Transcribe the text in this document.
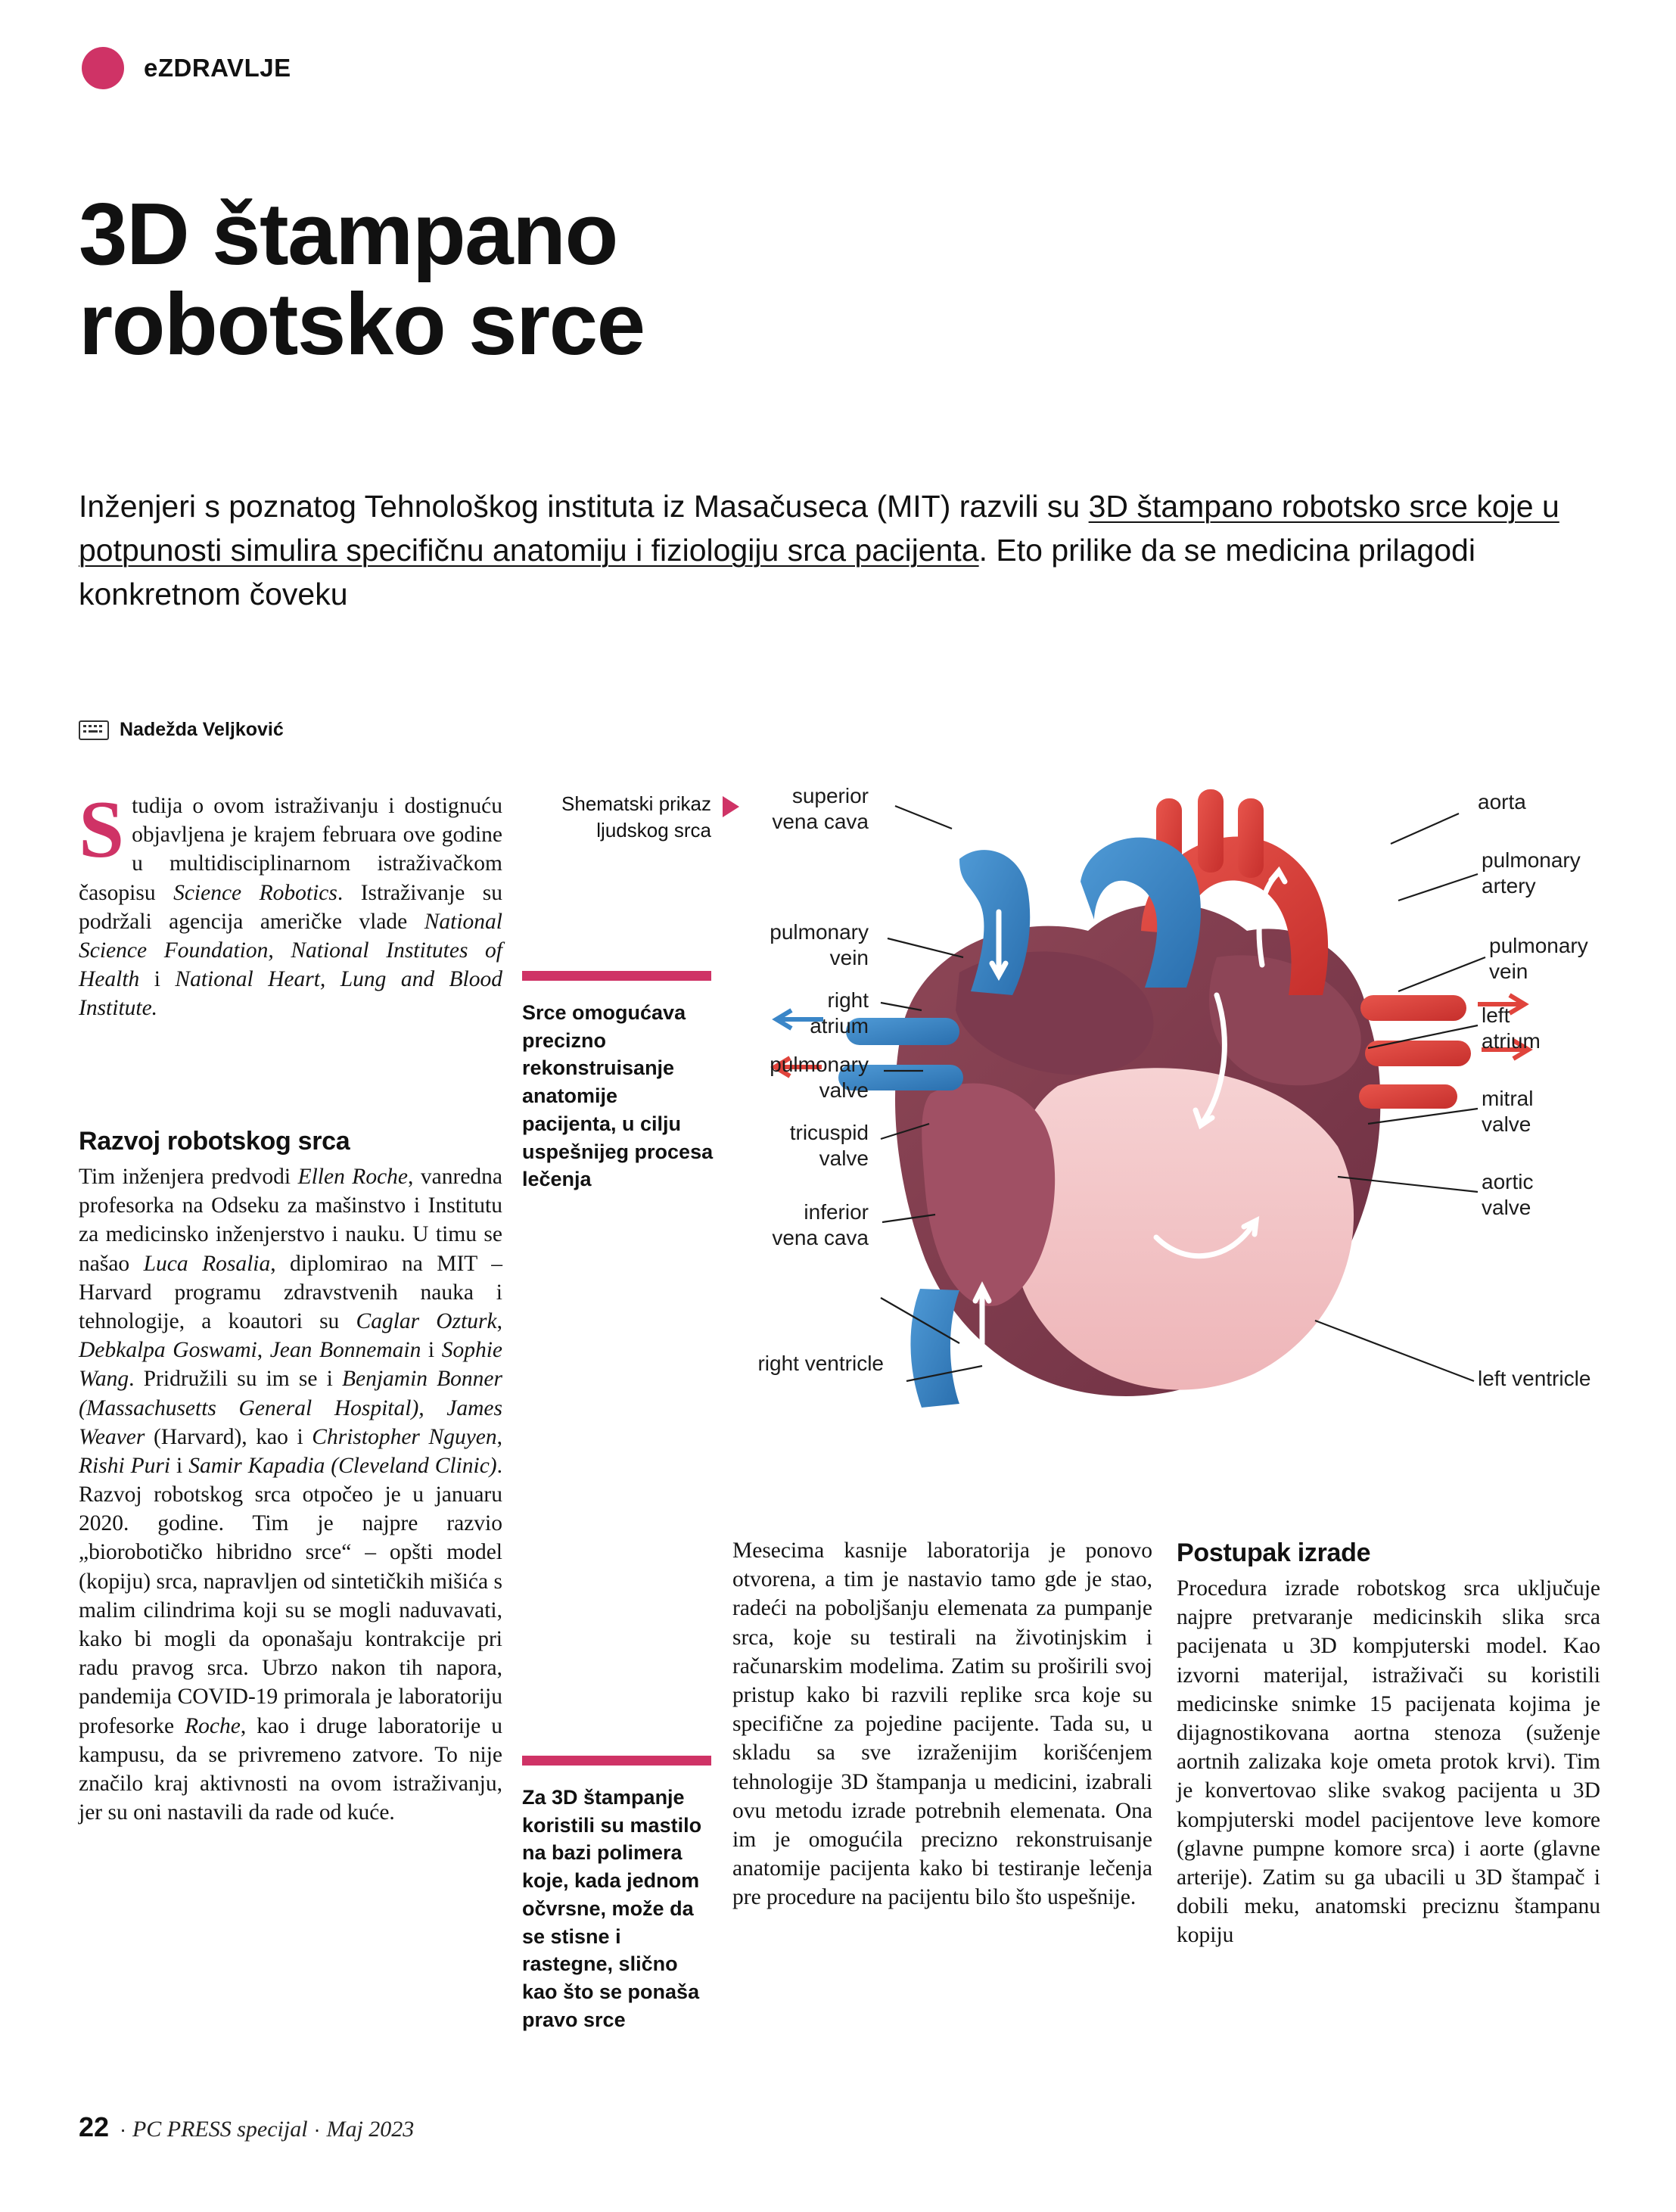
eZDRAVLJE
3D štampano
robotsko srce
Inženjeri s poznatog Tehnološkog instituta iz Masačuseca (MIT) razvili su 3D štampano robotsko srce koje u potpunosti simulira specifičnu anatomiju i fiziologiju srca pacijenta. Eto prilike da se medicina prilagodi konkretnom čoveku
Nadežda Veljković
S tudija o ovom istraživanju i dostignuću objavljena je krajem februara ove godine u multidisciplinarnom istraživačkom časopisu Science Robotics. Istraživanje su podržali agencija američke vlade National Science Foundation, National Institutes of Health i National Heart, Lung and Blood Institute.

Razvoj robotskog srca

Tim inženjera predvodi Ellen Roche, vanredna profesorka na Odseku za mašinstvo i Institutu za medicinsko inženjerstvo i nauku. U timu se našao Luca Rosalia, diplomirao na MIT – Harvard programu zdravstvenih nauka i tehnologije, a koautori su Caglar Ozturk, Debkalpa Goswami, Jean Bonnemain i Sophie Wang. Pridružili su im se i Benjamin Bonner (Massachusetts General Hospital), James Weaver (Harvard), kao i Christopher Nguyen, Rishi Puri i Samir Kapadia (Cleveland Clinic). Razvoj robotskog srca otpočeo je u januaru 2020. godine. Tim je najpre razvio „biorobotičko hibridno srce“ – opšti model (kopiju) srca, napravljen od sintetičkih mišića s malim cilindrima koji su se mogli naduvavati, kako bi mogli da oponašaju kontrakcije pri radu pravog srca. Ubrzo nakon tih napora, pandemija COVID-19 primorala je laboratoriju profesorke Roche, kao i druge laboratorije u kampusu, da se privremeno zatvore. To nije značilo kraj aktivnosti na ovom istraživanju, jer su oni nastavili da rade od kuće.

Shematski prikaz ljudskog srca
Srce omogućava precizno rekonstruisanje anatomije pacijenta, u cilju uspešnijeg procesa lečenja
Za 3D štampanje koristili su mastilo na bazi polimera koje, kada jednom očvrsne, može da se stisne i rastegne, slično kao što se ponaša pravo srce
superior
vena cava
pulmonary
vein
right
atrium
pulmonary
valve
tricuspid
valve
inferior
vena cava
right ventricle
aorta
pulmonary
artery
pulmonary
vein
left
atrium
mitral
valve
aortic
valve
left ventricle

Mesecima kasnije laboratorija je ponovo otvorena, a tim je nastavio tamo gde je stao, radeći na poboljšanju elemenata za pumpanje srca, koje su testirali na životinjskim i računarskim modelima. Zatim su proširili svoj pristup kako bi razvili replike srca koje su specifične za pojedine pacijente. Tada su, u skladu sa sve izraženijim korišćenjem tehnologije 3D štampanja u medicini, izabrali ovu metodu izrade potrebnih elemenata. Ona im je omogućila precizno rekonstruisanje anatomije pacijenta kako bi testiranje lečenja pre procedure na pacijentu bilo što uspešnije.

Postupak izrade

Procedura izrade robotskog srca uključuje najpre pretvaranje medicinskih slika srca pacijenata u 3D kompjuterski model. Kao izvorni materijal, istraživači su koristili medicinske snimke 15 pacijenata kojima je dijagnostikovana aortna stenoza (suženje aortnih zalizaka koje ometa protok krvi). Tim je konvertovao slike svakog pacijenta u 3D kompjuterski model pacijentove leve komore (glavne pumpne komore srca) i aorte (glavne arterije). Zatim su ga ubacili u 3D štampač i dobili meku, anatomski preciznu štampanu kopiju

22 · PC PRESS specijal · Maj 2023
